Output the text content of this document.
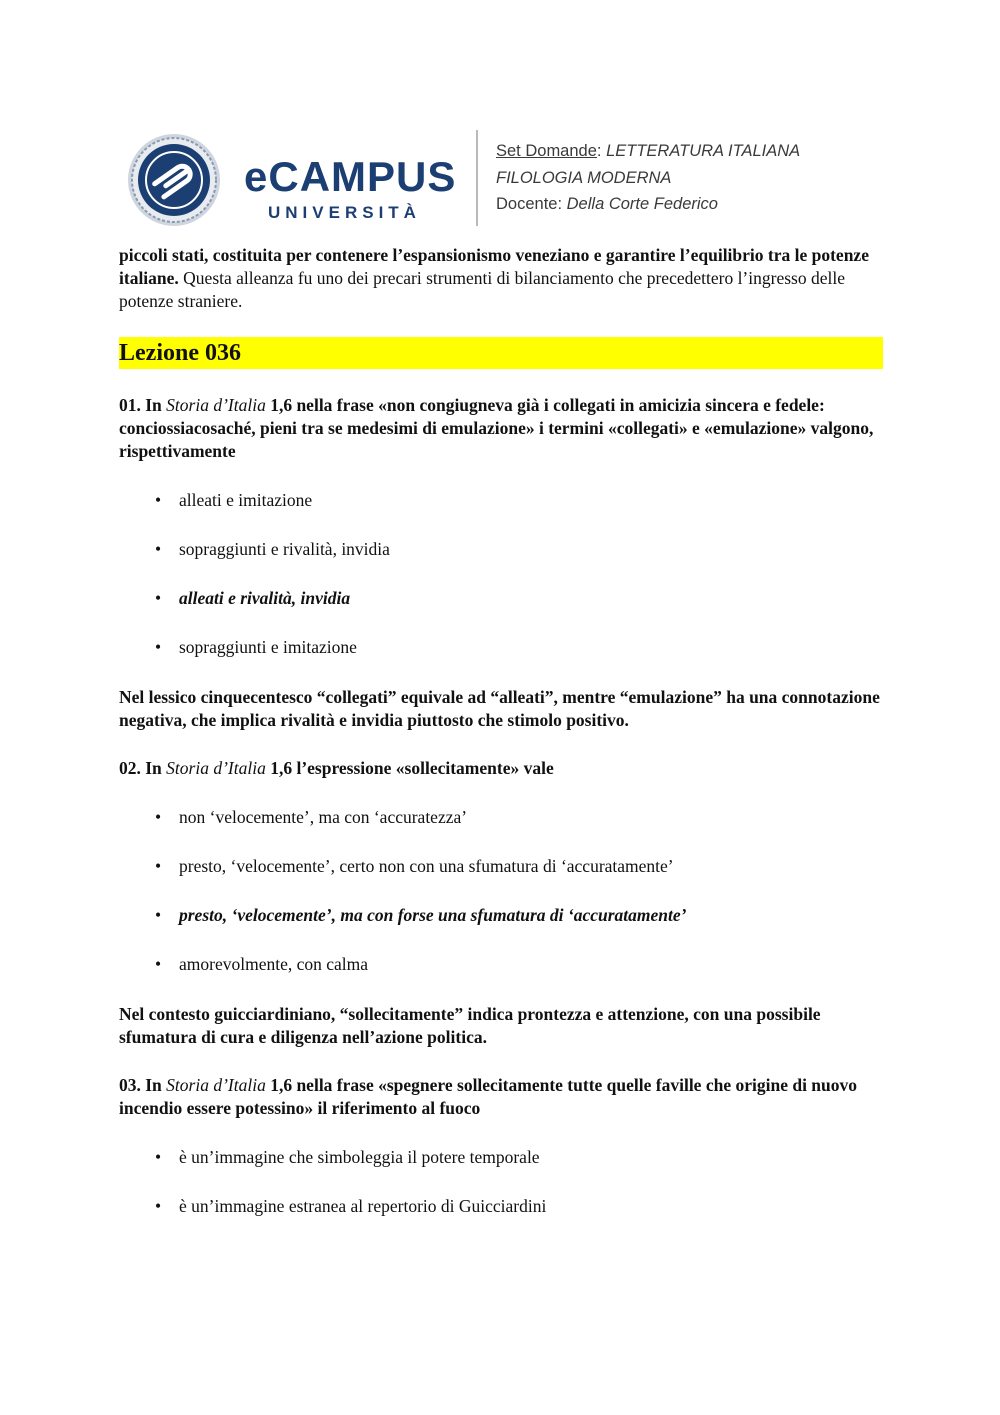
eCAMPUS
UNIVERSITÀ
Set Domande: LETTERATURA ITALIANA
FILOLOGIA MODERNA
Docente: Della Corte Federico

piccoli stati, costituita per contenere l’espansionismo veneziano e garantire l’equilibrio tra le potenze italiane. Questa alleanza fu uno dei precari strumenti di bilanciamento che precedettero l’ingresso delle potenze straniere.

Lezione 036

01. In Storia d’Italia 1,6 nella frase «non congiugneva già i collegati in amicizia sincera e fedele: conciossiacosaché, pieni tra se medesimi di emulazione» i termini «collegati» e «emulazione» valgono, rispettivamente

• alleati e imitazione
• sopraggiunti e rivalità, invidia
• alleati e rivalità, invidia
• sopraggiunti e imitazione

Nel lessico cinquecentesco “collegati” equivale ad “alleati”, mentre “emulazione” ha una connotazione negativa, che implica rivalità e invidia piuttosto che stimolo positivo.

02. In Storia d’Italia 1,6 l’espressione «sollecitamente» vale

• non ‘velocemente’, ma con ‘accuratezza’
• presto, ‘velocemente’, certo non con una sfumatura di ‘accuratamente’
• presto, ‘velocemente’, ma con forse una sfumatura di ‘accuratamente’
• amorevolmente, con calma

Nel contesto guicciardiniano, “sollecitamente” indica prontezza e attenzione, con una possibile sfumatura di cura e diligenza nell’azione politica.

03. In Storia d’Italia 1,6 nella frase «spegnere sollecitamente tutte quelle faville che origine di nuovo incendio essere potessino» il riferimento al fuoco

• è un’immagine che simboleggia il potere temporale
• è un’immagine estranea al repertorio di Guicciardini
